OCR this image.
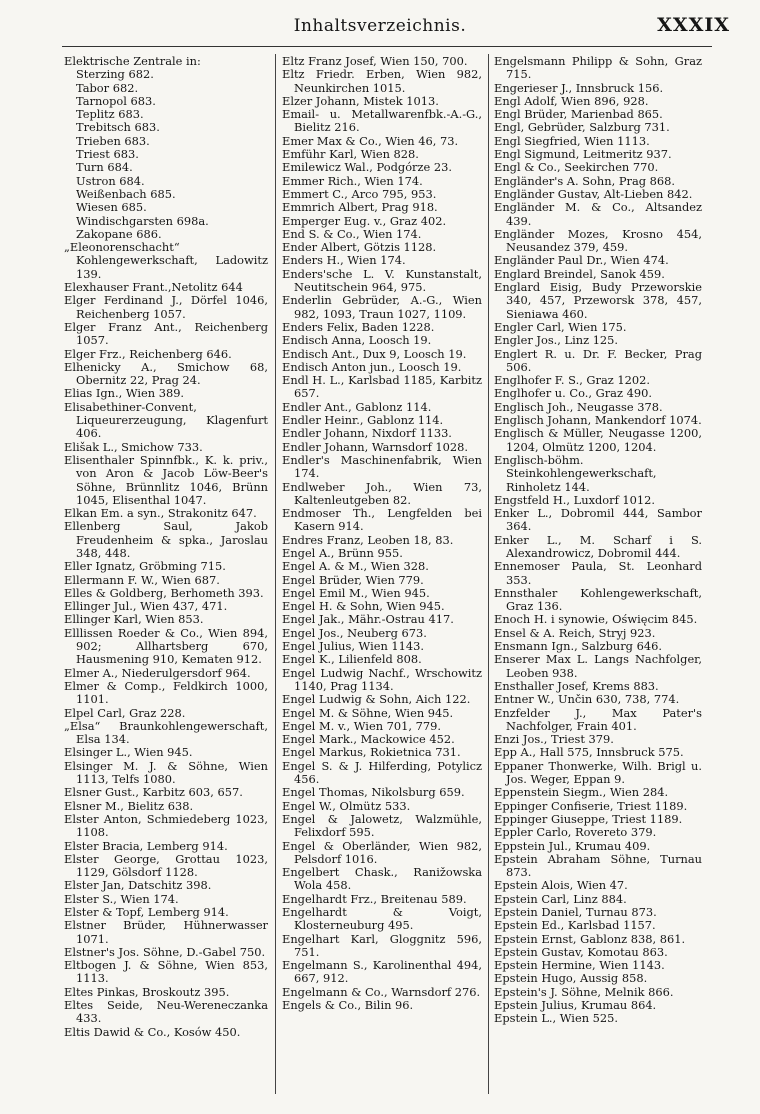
Inhaltsverzeichnis.	XXXIX

Elektrische Zentrale in:

Sterzing 682.

Tabor 682.

Tarnopol 683.

Teplitz 683.

Trebitsch 683.

Trieben 683.

Triest 683.

Turn 684.

Ustron 684.

Weißenbach 685.

Wiesen 685.

Windischgarsten 698a.

Zakopane 686.

„Eleonorenschacht“ Kohlengewerkschaft, Ladowitz 139.

Elexhauser Frant.,Netolitz 644

Elger Ferdinand J., Dörfel 1046, Reichenberg 1057.

Elger Franz Ant., Reichenberg 1057.

Elger Frz., Reichenberg 646.

Elhenicky A., Smichow 68, Obernitz 22, Prag 24.

Elias Ign., Wien 389.

Elisabethiner-Convent, Liqueurerzeugung, Klagenfurt 406.

Elišak L., Smichow 733.

Elisenthaler Spinnfbk., K. k. priv., von Aron & Jacob Löw-Beer's Söhne, Brünnlitz 1046, Brünn 1045, Elisenthal 1047.

Elkan Em. a syn., Strakonitz 647.

Ellenberg Saul, Jakob Freudenheim & spka., Jaroslau 348, 448.

Eller Ignatz, Gröbming 715.

Ellermann F. W., Wien 687.

Elles & Goldberg, Berhometh 393.

Ellinger Jul., Wien 437, 471.

Ellinger Karl, Wien 853.

Elllissen Roeder & Co., Wien 894, 902; Allhartsberg 670, Hausmening 910, Kematen 912.

Elmer A., Niederulgersdorf 964.

Elmer & Comp., Feldkirch 1000, 1101.

Elpel Carl, Graz 228.

„Elsa“ Braunkohlengewerschaft, Elsa 134.

Elsinger L., Wien 945.

Elsinger M. J. & Söhne, Wien 1113, Telfs 1080.

Elsner Gust., Karbitz 603, 657.

Elsner M., Bielitz 638.

Elster Anton, Schmiedeberg 1023, 1108.

Elster Bracia, Lemberg 914.

Elster George, Grottau 1023, 1129, Gölsdorf 1128.

Elster Jan, Datschitz 398.

Elster S., Wien 174.

Elster & Topf, Lemberg 914.

Elstner Brüder, Hühnerwasser 1071.

Elstner's Jos. Söhne, D.-Gabel 750.

Eltbogen J. & Söhne, Wien 853, 1113.

Eltes Pinkas, Broskoutz 395.

Eltes Seide, Neu-Wereneczanka 433.

Eltis Dawid & Co., Kosów 450.

Eltz Franz Josef, Wien 150, 700.

Eltz Friedr. Erben, Wien 982, Neunkirchen 1015.

Elzer Johann, Mistek 1013.

Email- u. Metallwarenfbk.-A.-G., Bielitz 216.

Emer Max & Co., Wien 46, 73.

Emführ Karl, Wien 828.

Emilewicz Wal., Podgórze 23.

Emmer Rich., Wien 174.

Emmert C., Arco 795, 953.

Emmrich Albert, Prag 918.

Emperger Eug. v., Graz 402.

End S. & Co., Wien 174.

Ender Albert, Götzis 1128.

Enders H., Wien 174.

Enders'sche L. V. Kunstanstalt, Neutitschein 964, 975.

Enderlin Gebrüder, A.-G., Wien 982, 1093, Traun 1027, 1109.

Enders Felix, Baden 1228.

Endisch Anna, Loosch 19.

Endisch Ant., Dux 9, Loosch 19.

Endisch Anton jun., Loosch 19.

Endl H. L., Karlsbad 1185, Karbitz 657.

Endler Ant., Gablonz 114.

Endler Heinr., Gablonz 114.

Endler Johann, Nixdorf 1133.

Endler Johann, Warnsdorf 1028.

Endler's Maschinenfabrik, Wien 174.

Endlweber Joh., Wien 73, Kaltenleutgeben 82.

Endmoser Th., Lengfelden bei Kasern 914.

Endres Franz, Leoben 18, 83.

Engel A., Brünn 955.

Engel A. & M., Wien 328.

Engel Brüder, Wien 779.

Engel Emil M., Wien 945.

Engel H. & Sohn, Wien 945.

Engel Jak., Mähr.-Ostrau 417.

Engel Jos., Neuberg 673.

Engel Julius, Wien 1143.

Engel K., Lilienfeld 808.

Engel Ludwig Nachf., Wrschowitz 1140, Prag 1134.

Engel Ludwig & Sohn, Aich 122.

Engel M. & Söhne, Wien 945.

Engel M. v., Wien 701, 779.

Engel Mark., Mackowice 452.

Engel Markus, Rokietnica 731.

Engel S. & J. Hilferding, Potylicz 456.

Engel Thomas, Nikolsburg 659.

Engel W., Olmütz 533.

Engel & Jalowetz, Walzmühle, Felixdorf 595.

Engel & Oberländer, Wien 982, Pelsdorf 1016.

Engelbert Chask., Ranižowska Wola 458.

Engelhardt Frz., Breitenau 589.

Engelhardt & Voigt, Klosterneuburg 495.

Engelhart Karl, Gloggnitz 596, 751.

Engelmann S., Karolinenthal 494, 667, 912.

Engelmann & Co., Warnsdorf 276.

Engels & Co., Bilin 96.

Engelsmann Philipp & Sohn, Graz 715.

Engerieser J., Innsbruck 156.

Engl Adolf, Wien 896, 928.

Engl Brüder, Marienbad 865.

Engl, Gebrüder, Salzburg 731.

Engl Siegfried, Wien 1113.

Engl Sigmund, Leitmeritz 937.

Engl & Co., Seekirchen 770.

Engländer's A. Sohn, Prag 868.

Engländer Gustav, Alt-Lieben 842.

Engländer M. & Co., Altsandez 439.

Engländer Mozes, Krosno 454, Neusandez 379, 459.

Engländer Paul Dr., Wien 474.

Englard Breindel, Sanok 459.

Englard Eisig, Budy Przeworskie 340, 457, Przeworsk 378, 457, Sieniawa 460.

Engler Carl, Wien 175.

Engler Jos., Linz 125.

Englert R. u. Dr. F. Becker, Prag 506.

Englhofer F. S., Graz 1202.

Englhofer u. Co., Graz 490.

Englisch Joh., Neugasse 378.

Englisch Johann, Mankendorf 1074.

Englisch & Müller, Neugasse 1200, 1204, Olmütz 1200, 1204.

Englisch-böhm. Steinkohlengewerkschaft, Rinholetz 144.

Engstfeld H., Luxdorf 1012.

Enker L., Dobromil 444, Sambor 364.

Enker L., M. Scharf i S. Alexandrowicz, Dobromil 444.

Ennemoser Paula, St. Leonhard 353.

Ennsthaler Kohlengewerkschaft, Graz 136.

Enoch H. i synowie, Oświęcim 845.

Ensel & A. Reich, Stryj 923.

Ensmann Ign., Salzburg 646.

Enserer Max L. Langs Nachfolger, Leoben 938.

Ensthaller Josef, Krems 883.

Entner W., Unčin 630, 738, 774.

Enzfelder J., Max Pater's Nachfolger, Frain 401.

Enzi Jos., Triest 379.

Epp A., Hall 575, Innsbruck 575.

Eppaner Thonwerke, Wilh. Brigl u. Jos. Weger, Eppan 9.

Eppenstein Siegm., Wien 284.

Eppinger Confiserie, Triest 1189.

Eppinger Giuseppe, Triest 1189.

Eppler Carlo, Rovereto 379.

Eppstein Jul., Krumau 409.

Epstein Abraham Söhne, Turnau 873.

Epstein Alois, Wien 47.

Epstein Carl, Linz 884.

Epstein Daniel, Turnau 873.

Epstein Ed., Karlsbad 1157.

Epstein Ernst, Gablonz 838, 861.

Epstein Gustav, Komotau 863.

Epstein Hermine, Wien 1143.

Epstein Hugo, Aussig 858.

Epstein's J. Söhne, Melnik 866.

Epstein Julius, Krumau 864.

Epstein L., Wien 525.
